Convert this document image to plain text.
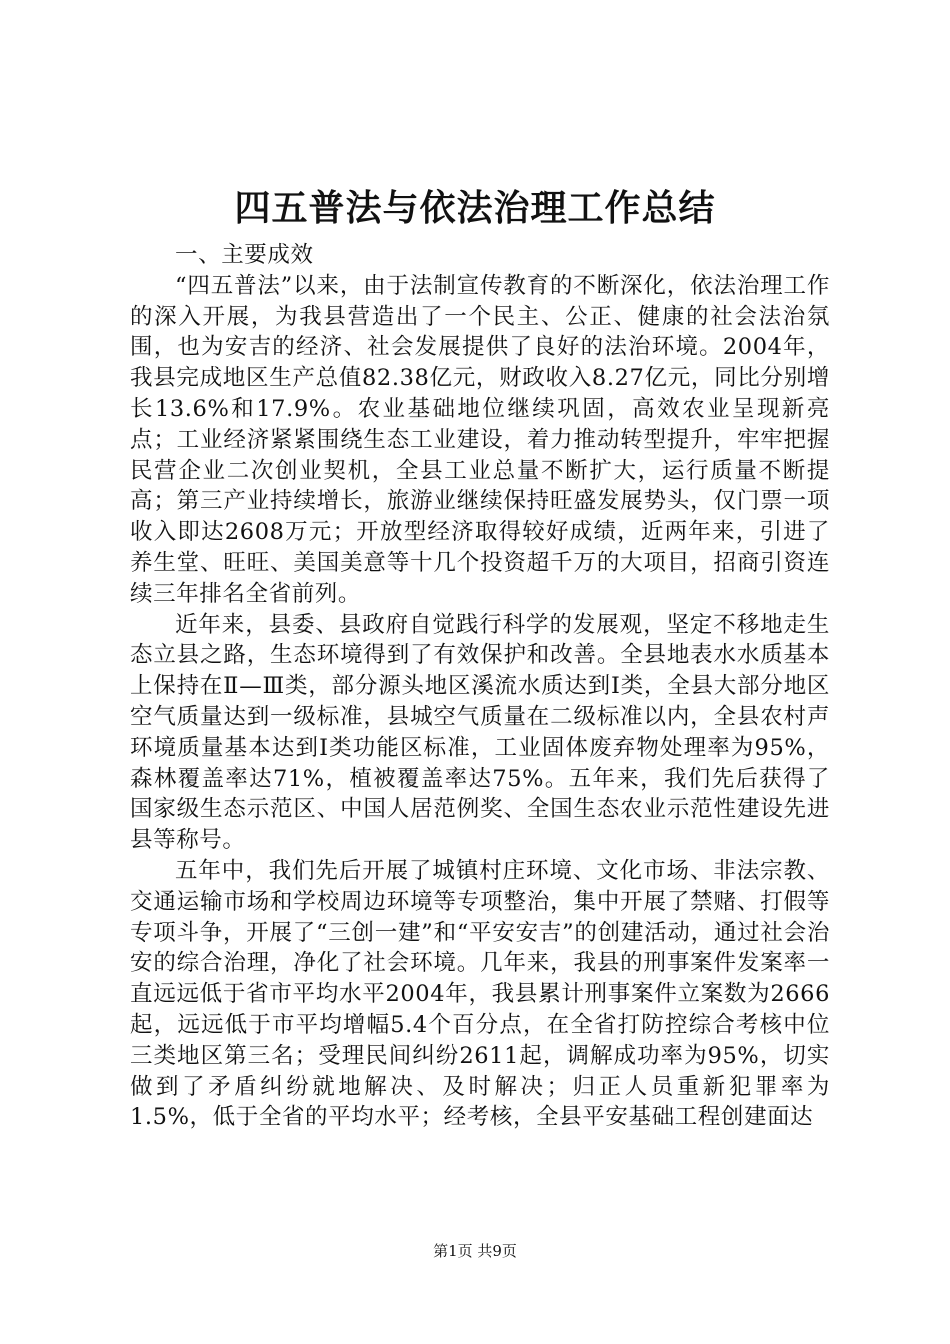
四五普法与依法治理工作总结

一、主要成效

“四五普法”以来，由于法制宣传教育的不断深化，依法治理工作的深入开展，为我县营造出了一个民主、公正、健康的社会法治氛围，也为安吉的经济、社会发展提供了良好的法治环境。2004年，我县完成地区生产总值82.38亿元，财政收入8.27亿元，同比分别增长13.6%和17.9%。农业基础地位继续巩固，高效农业呈现新亮点；工业经济紧紧围绕生态工业建设，着力推动转型提升，牢牢把握民营企业二次创业契机，全县工业总量不断扩大，运行质量不断提高；第三产业持续增长，旅游业继续保持旺盛发展势头，仅门票一项收入即达2608万元；开放型经济取得较好成绩，近两年来，引进了养生堂、旺旺、美国美意等十几个投资超千万的大项目，招商引资连续三年排名全省前列。

近年来，县委、县政府自觉践行科学的发展观，坚定不移地走生态立县之路，生态环境得到了有效保护和改善。全县地表水水质基本上保持在Ⅱ—Ⅲ类，部分源头地区溪流水质达到Ⅰ类，全县大部分地区空气质量达到一级标准，县城空气质量在二级标准以内，全县农村声环境质量基本达到Ⅰ类功能区标准，工业固体废弃物处理率为95%，森林覆盖率达71%，植被覆盖率达75%。五年来，我们先后获得了国家级生态示范区、中国人居范例奖、全国生态农业示范性建设先进县等称号。

五年中，我们先后开展了城镇村庄环境、文化市场、非法宗教、交通运输市场和学校周边环境等专项整治，集中开展了禁赌、打假等专项斗争，开展了“三创一建”和“平安安吉”的创建活动，通过社会治安的综合治理，净化了社会环境。几年来，我县的刑事案件发案率一直远远低于省市平均水平2004年，我县累计刑事案件立案数为2666起，远远低于市平均增幅5.4个百分点，在全省打防控综合考核中位三类地区第三名；受理民间纠纷2611起，调解成功率为95%，切实做到了矛盾纠纷就地解决、及时解决；归正人员重新犯罪率为1.5%，低于全省的平均水平；经考核，全县平安基础工程创建面达

第1页 共9页
